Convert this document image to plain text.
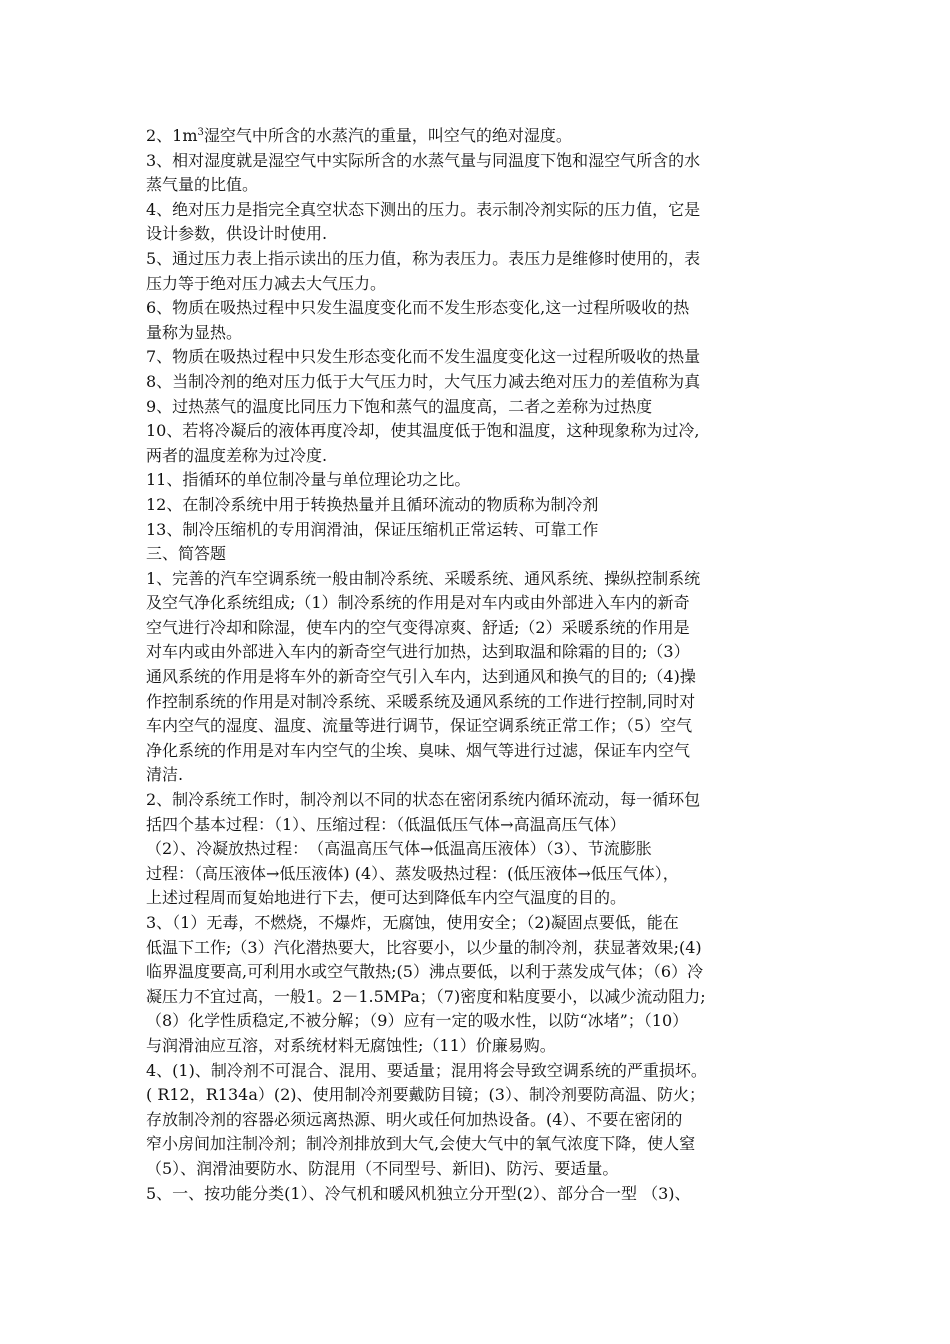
2、$1m^3$湿空气中所含的水蒸汽的重量，叫空气的绝对湿度。
3、相对湿度就是湿空气中实际所含的水蒸气量与同温度下饱和湿空气所含的水
蒸气量的比值。
4、绝对压力是指完全真空状态下测出的压力。表示制冷剂实际的压力值，它是
设计参数，供设计时使用.
5、通过压力表上指示读出的压力值，称为表压力。表压力是维修时使用的，表
压力等于绝对压力减去大气压力。
6、物质在吸热过程中只发生温度变化而不发生形态变化,这一过程所吸收的热
量称为显热。
7、物质在吸热过程中只发生形态变化而不发生温度变化这一过程所吸收的热量
8、当制冷剂的绝对压力低于大气压力时，大气压力减去绝对压力的差值称为真
9、过热蒸气的温度比同压力下饱和蒸气的温度高，二者之差称为过热度
10、若将冷凝后的液体再度冷却，使其温度低于饱和温度，这种现象称为过冷,
两者的温度差称为过冷度.
11、指循环的单位制冷量与单位理论功之比。
12、在制冷系统中用于转换热量并且循环流动的物质称为制冷剂
13、制冷压缩机的专用润滑油，保证压缩机正常运转、可靠工作
三、简答题
1、完善的汽车空调系统一般由制冷系统、采暖系统、通风系统、操纵控制系统
及空气净化系统组成;（1）制冷系统的作用是对车内或由外部进入车内的新奇
空气进行冷却和除湿，使车内的空气变得凉爽、舒适;（2）采暖系统的作用是
对车内或由外部进入车内的新奇空气进行加热，达到取温和除霜的目的;（3）
通风系统的作用是将车外的新奇空气引入车内，达到通风和换气的目的;（4)操
作控制系统的作用是对制冷系统、采暖系统及通风系统的工作进行控制,同时对
车内空气的湿度、温度、流量等进行调节，保证空调系统正常工作；（5）空气
净化系统的作用是对车内空气的尘埃、臭味、烟气等进行过滤，保证车内空气
清洁.
2、制冷系统工作时，制冷剂以不同的状态在密闭系统内循环流动，每一循环包
括四个基本过程：（1）、压缩过程：（低温低压气体→高温高压气体）
（2）、冷凝放热过程：　（高温高压气体→低温高压液体）（3）、节流膨胀
过程：（高压液体→低压液体) (4）、蒸发吸热过程：(低压液体→低压气体），
上述过程周而复始地进行下去，便可达到降低车内空气温度的目的。
3、（1）无毒，不燃烧，不爆炸，无腐蚀，使用安全；（2)凝固点要低，能在
低温下工作;（3）汽化潜热要大，比容要小，以少量的制冷剂，获显著效果;(4)
临界温度要高,可利用水或空气散热;(5）沸点要低，以利于蒸发成气体；（6）冷
凝压力不宜过高，一般1。2－1.5MPa；（7)密度和粘度要小，以减少流动阻力;
（8）化学性质稳定,不被分解；（9）应有一定的吸水性，以防“冰堵”；（10）
与润滑油应互溶，对系统材料无腐蚀性;（11）价廉易购。
4、(1)、制冷剂不可混合、混用、要适量；混用将会导致空调系统的严重损坏。
( R12，R134a）(2)、使用制冷剂要戴防目镜；(3）、制冷剂要防高温、防火；
存放制冷剂的容器必须远离热源、明火或任何加热设备。(4）、不要在密闭的
窄小房间加注制冷剂；制冷剂排放到大气,会使大气中的氧气浓度下降，使人窒
（5）、润滑油要防水、防混用（不同型号、新旧)、防污、要适量。
5、一、按功能分类(1）、冷气机和暖风机独立分开型(2）、部分合一型 （3)、
